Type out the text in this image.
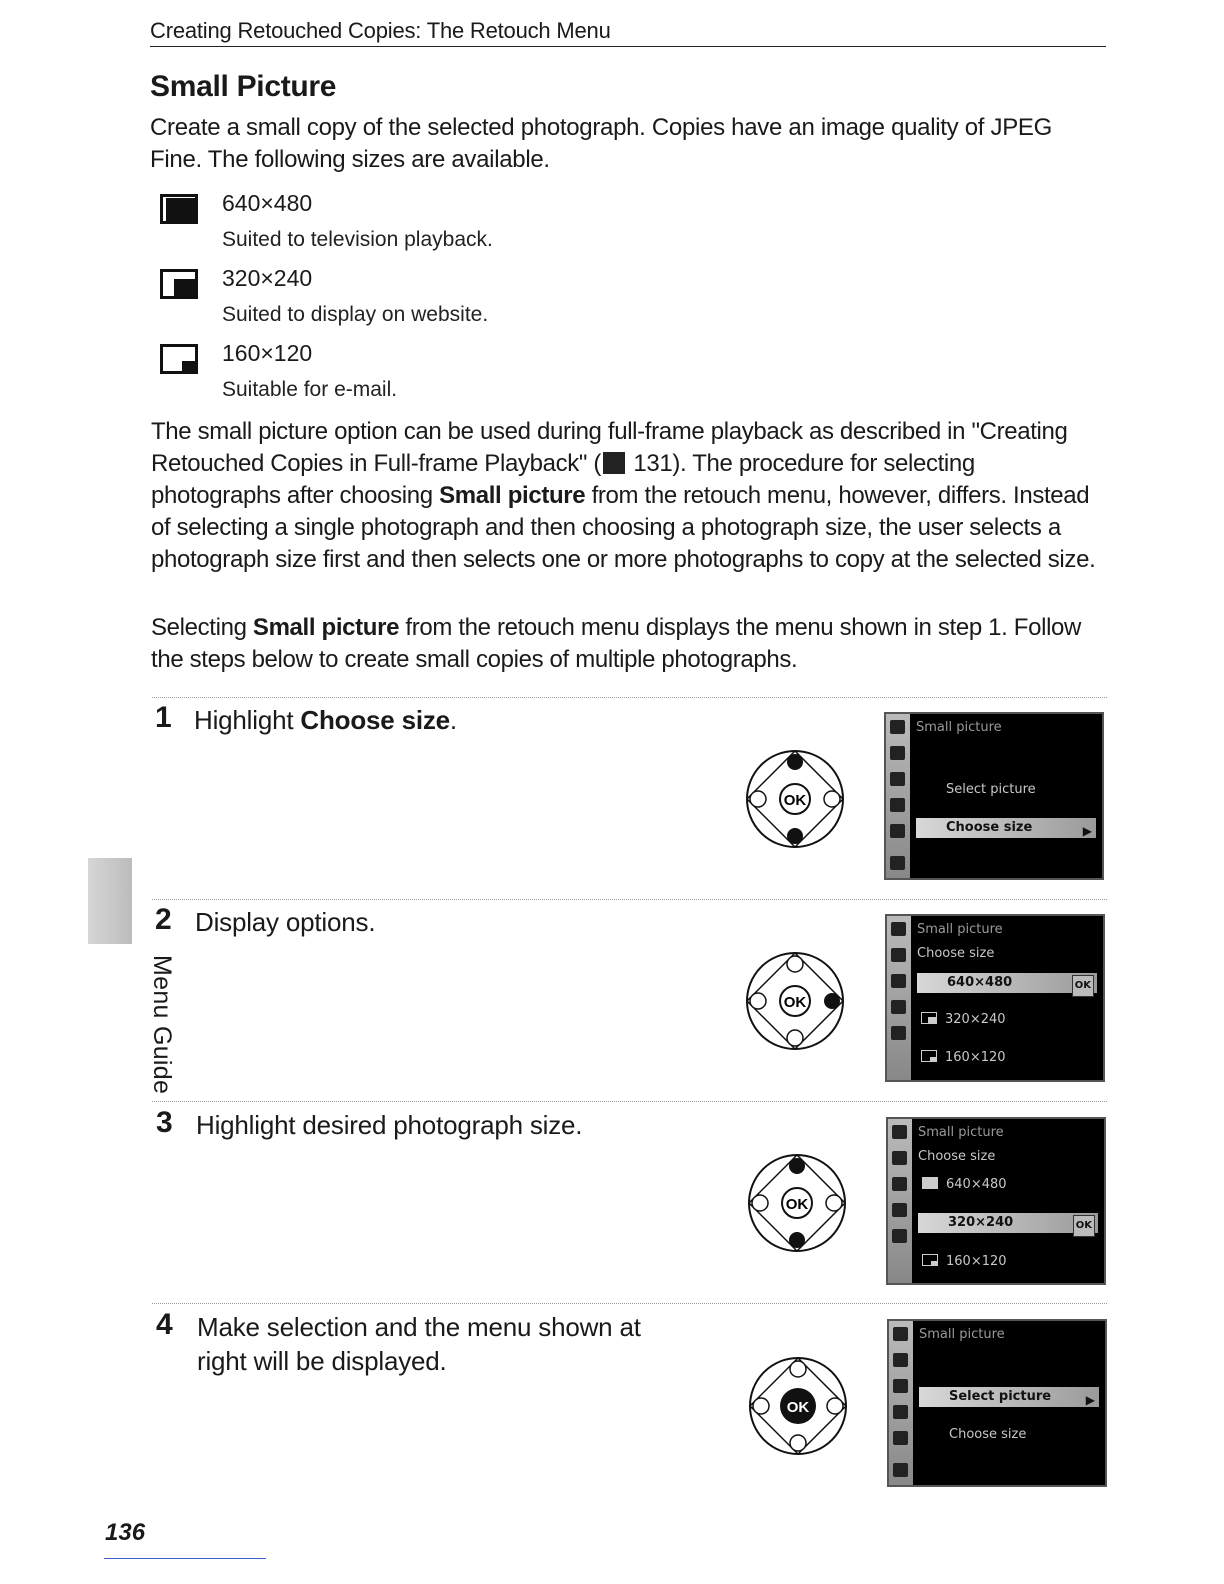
Creating Retouched Copies: The Retouch Menu
Small Picture

Create a small copy of the selected photograph. Copies have an image quality of JPEG Fine. The following sizes are available.

640×480
Suited to television playback.
320×240
Suited to display on website.
160×120
Suitable for e-mail.

The small picture option can be used during full-frame playback as described in "Creating Retouched Copies in Full-frame Playback" ( 131). The procedure for selecting photographs after choosing Small picture from the retouch menu, however, differs. Instead of selecting a single photograph and then choosing a photograph size, the user selects a photograph size first and then selects one or more photographs to copy at the selected size.

Selecting Small picture from the retouch menu displays the menu shown in step 1. Follow the steps below to create small copies of multiple photographs.

1 Highlight Choose size.
OK
Small picture
Select picture
Choose size	▶
2 Display options.
OK
Small picture
Choose size
640×480	OK
320×240
160×120
3 Highlight desired photograph size.
OK
Small picture
Choose size
640×480
320×240	OK
160×120
4 Make selection and the menu shown at right will be displayed.
OK
Small picture
Select picture	▶
Choose size
Menu Guide
136
